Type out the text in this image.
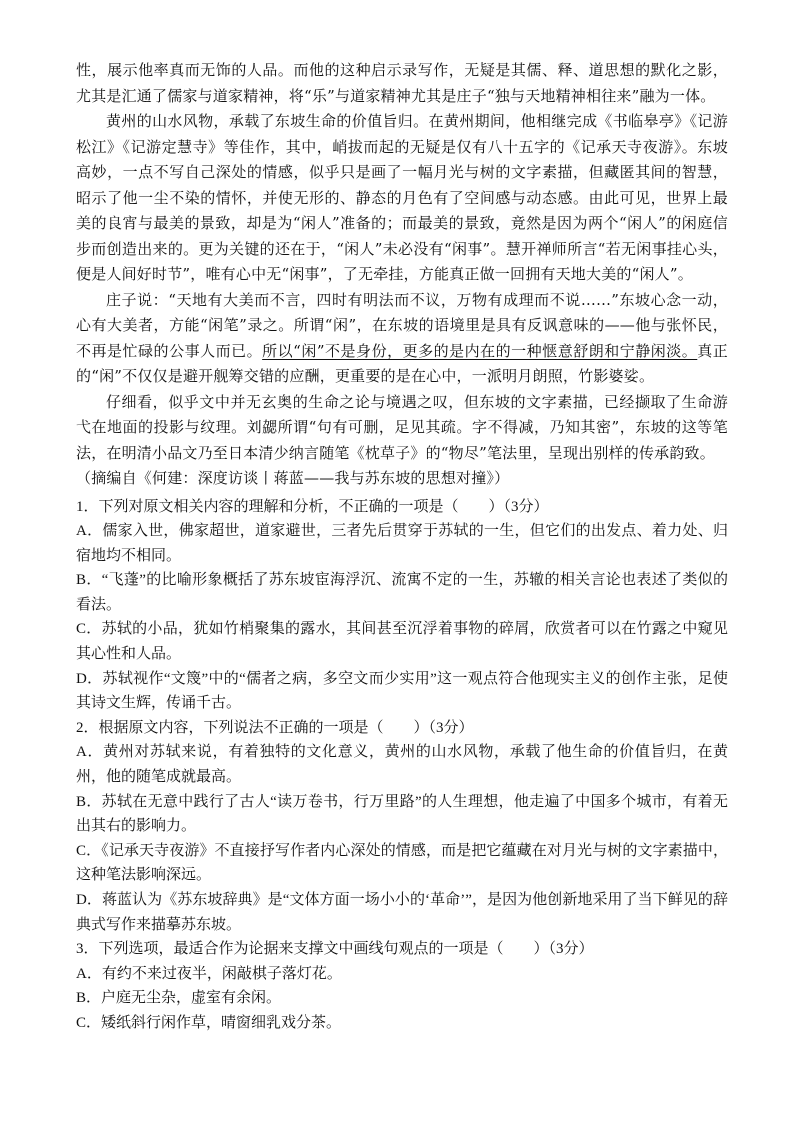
性，展示他率真而无饰的人品。而他的这种启示录写作，无疑是其儒、释、道思想的默化之影，尤其是汇通了儒家与道家精神，将“乐”与道家精神尤其是庄子“独与天地精神相往来”融为一体。

黄州的山水风物，承载了东坡生命的价值旨归。在黄州期间，他相继完成《书临皋亭》《记游松江》《记游定慧寺》等佳作，其中，峭拔而起的无疑是仅有八十五字的《记承天寺夜游》。东坡高妙，一点不写自己深处的情感，似乎只是画了一幅月光与树的文字素描，但藏匿其间的智慧，昭示了他一尘不染的情怀，并使无形的、静态的月色有了空间感与动态感。由此可见，世界上最美的良宵与最美的景致，却是为“闲人”准备的；而最美的景致，竟然是因为两个“闲人”的闲庭信步而创造出来的。更为关键的还在于，“闲人”未必没有“闲事”。慧开禅师所言“若无闲事挂心头，便是人间好时节”，唯有心中无“闲事”，了无牵挂，方能真正做一回拥有天地大美的“闲人”。

庄子说：“天地有大美而不言，四时有明法而不议，万物有成理而不说……”东坡心念一动，心有大美者，方能“闲笔”录之。所谓“闲”，在东坡的语境里是具有反讽意味的——他与张怀民，不再是忙碌的公事人而已。所以“闲”不是身份，更多的是内在的一种惬意舒朗和宁静闲淡。真正的“闲”不仅仅是避开舰筹交错的应酬，更重要的是在心中，一派明月朗照，竹影婆娑。

仔细看，似乎文中并无玄奥的生命之论与境遇之叹，但东坡的文字素描，已经撷取了生命游弋在地面的投影与纹理。刘勰所谓“句有可删，足见其疏。字不得减，乃知其密”，东坡的这等笔法，在明清小品文乃至日本清少纳言随笔《枕草子》的“物尽”笔法里，呈现出别样的传承韵致。

（摘编自《何建：深度访谈丨蒋蓝——我与苏东坡的思想对撞》）

1．下列对原文相关内容的理解和分析，不正确的一项是（　　）（3分）

A．儒家入世，佛家超世，道家避世，三者先后贯穿于苏轼的一生，但它们的出发点、着力处、归宿地均不相同。

B．“飞蓬”的比喻形象概括了苏东坡宦海浮沉、流寓不定的一生，苏辙的相关言论也表述了类似的看法。

C．苏轼的小品，犹如竹梢聚集的露水，其间甚至沉浮着事物的碎屑，欣赏者可以在竹露之中窥见其心性和人品。

D．苏轼视作“文篾”中的“儒者之病，多空文而少实用”这一观点符合他现实主义的创作主张，足使其诗文生辉，传诵千古。

2．根据原文内容，下列说法不正确的一项是（　　）（3分）

A．黄州对苏轼来说，有着独特的文化意义，黄州的山水风物，承载了他生命的价值旨归，在黄州，他的随笔成就最高。

B．苏轼在无意中践行了古人“读万卷书，行万里路”的人生理想，他走遍了中国多个城市，有着无出其右的影响力。

C．《记承天寺夜游》不直接抒写作者内心深处的情感，而是把它蕴藏在对月光与树的文字素描中，这种笔法影响深远。

D．蒋蓝认为《苏东坡辞典》是“文体方面一场小小的‘革命’”，是因为他创新地采用了当下鲜见的辞典式写作来描摹苏东坡。

3．下列选项，最适合作为论据来支撑文中画线句观点的一项是（　　）（3分）

A．有约不来过夜半，闲敲棋子落灯花。

B．户庭无尘杂，虚室有余闲。

C．矮纸斜行闲作草，晴窗细乳戏分茶。
